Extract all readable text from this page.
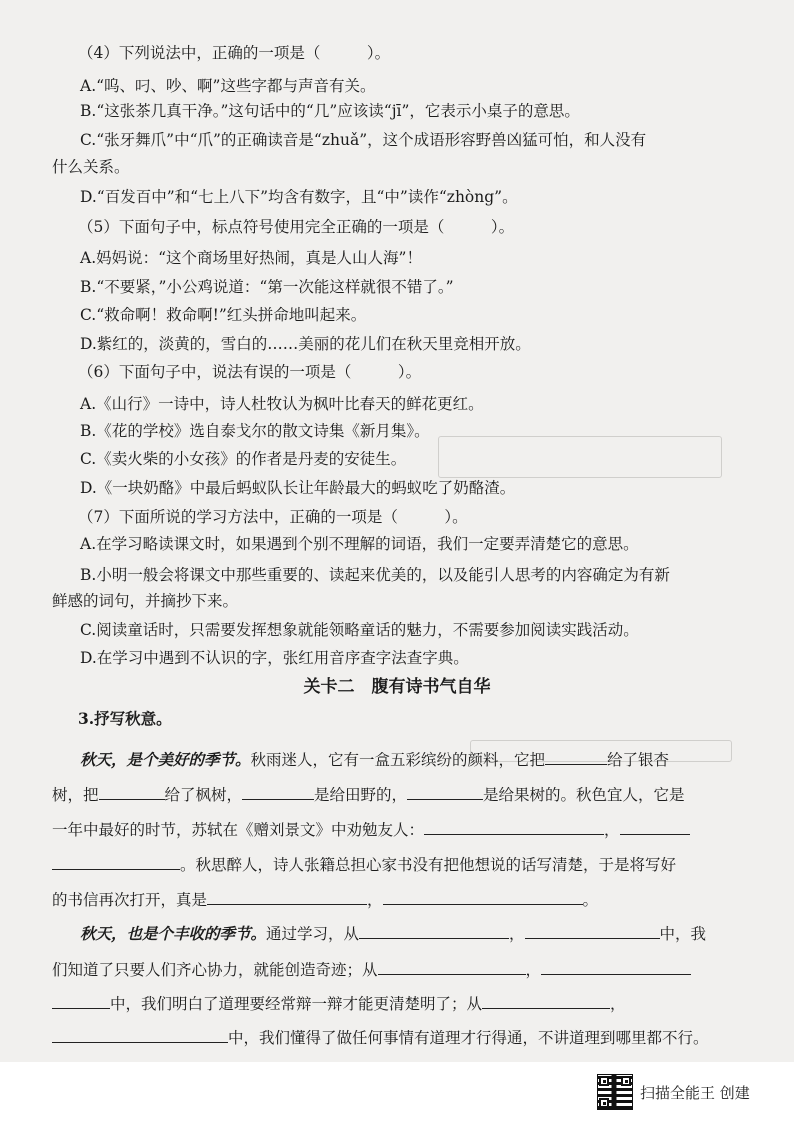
（4）下列说法中，正确的一项是（　　　）。
A.“呜、叼、吵、啊”这些字都与声音有关。
B.“这张茶几真干净。”这句话中的“几”应该读“jī”，它表示小桌子的意思。
C.“张牙舞爪”中“爪”的正确读音是“zhuǎ”，这个成语形容野兽凶猛可怕，和人没有
什么关系。
D.“百发百中”和“七上八下”均含有数字，且“中”读作“zhòng”。
（5）下面句子中，标点符号使用完全正确的一项是（　　　）。
A.妈妈说：“这个商场里好热闹，真是人山人海”！
B.“不要紧，”小公鸡说道：“第一次能这样就很不错了。”
C.“救命啊！救命啊!”红头拼命地叫起来。
D.紫红的，淡黄的，雪白的……美丽的花儿们在秋天里竞相开放。
（6）下面句子中，说法有误的一项是（　　　）。
A.《山行》一诗中，诗人杜牧认为枫叶比春天的鲜花更红。
B.《花的学校》选自泰戈尔的散文诗集《新月集》。
C.《卖火柴的小女孩》的作者是丹麦的安徒生。
D.《一块奶酪》中最后蚂蚁队长让年龄最大的蚂蚁吃了奶酪渣。
（7）下面所说的学习方法中，正确的一项是（　　　）。
A.在学习略读课文时，如果遇到个别不理解的词语，我们一定要弄清楚它的意思。
B.小明一般会将课文中那些重要的、读起来优美的，以及能引人思考的内容确定为有新
鲜感的词句，并摘抄下来。
C.阅读童话时，只需要发挥想象就能领略童话的魅力，不需要参加阅读实践活动。
D.在学习中遇到不认识的字，张红用音序查字法查字典。
关卡二　腹有诗书气自华
3.抒写秋意。
秋天，是个美好的季节。秋雨迷人，它有一盒五彩缤纷的颜料，它把	给了银杏
树，把	给了枫树，	是给田野的，	是给果树的。秋色宜人，它是
一年中最好的时节，苏轼在《赠刘景文》中劝勉友人：	，
。秋思醉人，诗人张籍总担心家书没有把他想说的话写清楚，于是将写好
的书信再次打开，真是	，	。
秋天，也是个丰收的季节。通过学习，从	，	中，我
们知道了只要人们齐心协力，就能创造奇迹；从	，
中，我们明白了道理要经常辩一辩才能更清楚明了；从	，
中，我们懂得了做任何事情有道理才行得通，不讲道理到哪里都不行。
扫描全能王 创建
